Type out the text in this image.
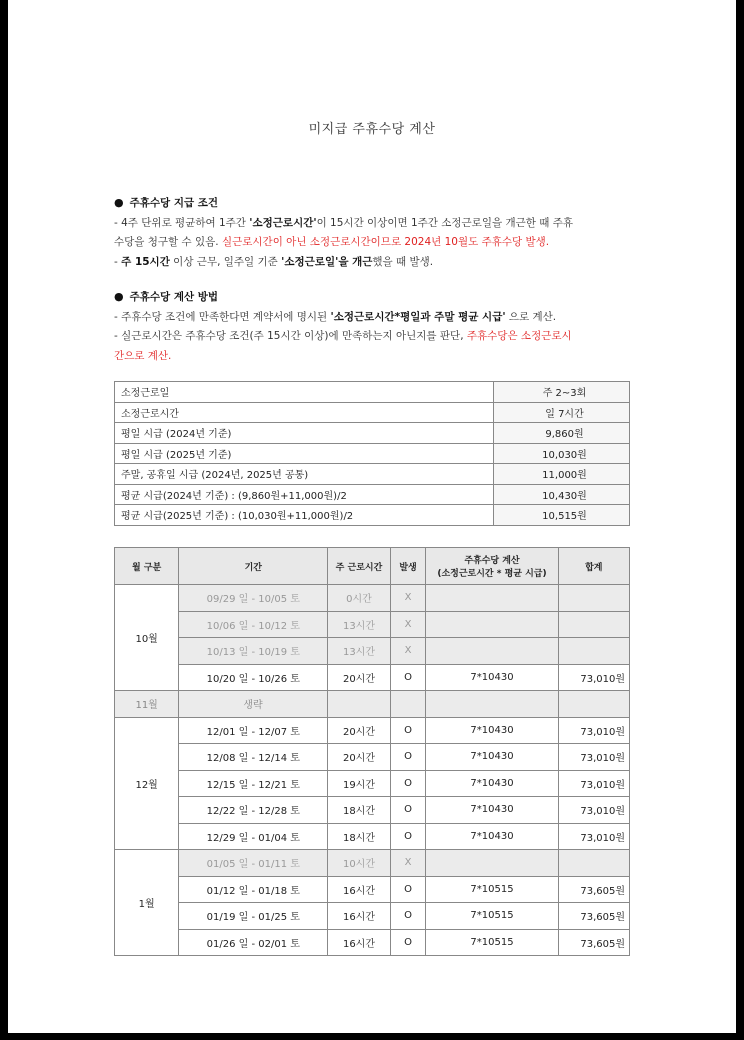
미지급 주휴수당 계산
● 주휴수당 지급 조건
- 4주 단위로 평균하여 1주간 '소정근로시간'이 15시간 이상이면 1주간 소정근로일을 개근한 때 주휴
수당을 청구할 수 있음. 실근로시간이 아닌 소정근로시간이므로 2024년 10월도 주휴수당 발생.
- 주 15시간 이상 근무, 일주일 기준 '소정근로일'을 개근했을 때 발생.
● 주휴수당 계산 방법
- 주휴수당 조건에 만족한다면 계약서에 명시된 '소정근로시간*평일과 주말 평균 시급' 으로 계산.
- 실근로시간은 주휴수당 조건(주 15시간 이상)에 만족하는지 아닌지를 판단, 주휴수당은 소정근로시
간으로 계산.
소정근로일	주 2~3회
소정근로시간	일 7시간
평일 시급 (2024년 기준)	9,860원
평일 시급 (2025년 기준)	10,030원
주말, 공휴일 시급 (2024년, 2025년 공통)	11,000원
평균 시급(2024년 기준) : (9,860원+11,000원)/2	10,430원
평균 시급(2025년 기준) : (10,030원+11,000원)/2	10,515원
월 구분	기간	주 근로시간	발생	주휴수당 계산
(소정근로시간 * 평균 시급)	합계
10월	09/29 일 - 10/05 토	0시간	X		
	10/06 일 - 10/12 토	13시간	X		
	10/13 일 - 10/19 토	13시간	X		
	10/20 일 - 10/26 토	20시간	O	7*10430	73,010원
11월	생략				
12월	12/01 일 - 12/07 토	20시간	O	7*10430	73,010원
	12/08 일 - 12/14 토	20시간	O	7*10430	73,010원
	12/15 일 - 12/21 토	19시간	O	7*10430	73,010원
	12/22 일 - 12/28 토	18시간	O	7*10430	73,010원
	12/29 일 - 01/04 토	18시간	O	7*10430	73,010원
1월	01/05 일 - 01/11 토	10시간	X		
	01/12 일 - 01/18 토	16시간	O	7*10515	73,605원
	01/19 일 - 01/25 토	16시간	O	7*10515	73,605원
	01/26 일 - 02/01 토	16시간	O	7*10515	73,605원
